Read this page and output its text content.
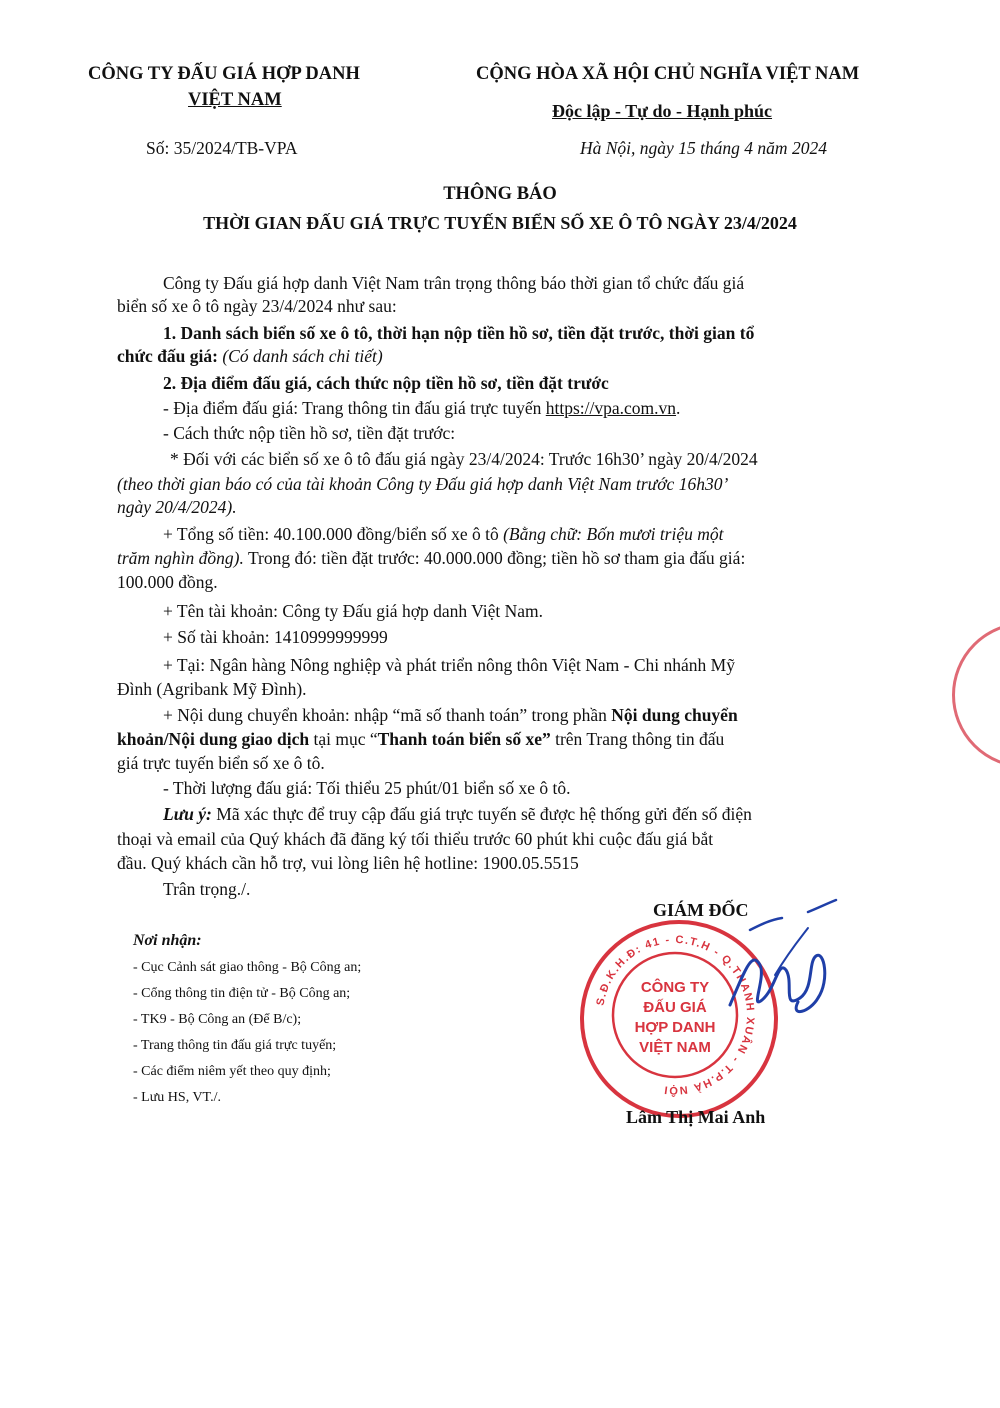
CÔNG TY ĐẤU GIÁ HỢP DANH
VIỆT NAM
CỘNG HÒA XÃ HỘI CHỦ NGHĨA VIỆT NAM
Độc lập - Tự do - Hạnh phúc
Số: 35/2024/TB-VPA	Hà Nội, ngày 15 tháng 4 năm 2024
THÔNG BÁO
THỜI GIAN ĐẤU GIÁ TRỰC TUYẾN BIỂN SỐ XE Ô TÔ NGÀY 23/4/2024
Công ty Đấu giá hợp danh Việt Nam trân trọng thông báo thời gian tổ chức đấu giá
biển số xe ô tô ngày 23/4/2024 như sau:
1. Danh sách biển số xe ô tô, thời hạn nộp tiền hồ sơ, tiền đặt trước, thời gian tổ
chức đấu giá: (Có danh sách chi tiết)
2. Địa điểm đấu giá, cách thức nộp tiền hồ sơ, tiền đặt trước
- Địa điểm đấu giá: Trang thông tin đấu giá trực tuyến https://vpa.com.vn.
- Cách thức nộp tiền hồ sơ, tiền đặt trước:
* Đối với các biển số xe ô tô đấu giá ngày 23/4/2024: Trước 16h30’ ngày 20/4/2024
(theo thời gian báo có của tài khoản Công ty Đấu giá hợp danh Việt Nam trước 16h30’
ngày 20/4/2024).
+ Tổng số tiền: 40.100.000 đồng/biển số xe ô tô (Bằng chữ: Bốn mươi triệu một
trăm nghìn đồng). Trong đó: tiền đặt trước: 40.000.000 đồng; tiền hồ sơ tham gia đấu giá:
100.000 đồng.
+ Tên tài khoản: Công ty Đấu giá hợp danh Việt Nam.
+ Số tài khoản: 1410999999999
+ Tại: Ngân hàng Nông nghiệp và phát triển nông thôn Việt Nam - Chi nhánh Mỹ
Đình (Agribank Mỹ Đình).
+ Nội dung chuyển khoản: nhập “mã số thanh toán” trong phần Nội dung chuyển
khoản/Nội dung giao dịch tại mục “Thanh toán biển số xe” trên Trang thông tin đấu
giá trực tuyến biển số xe ô tô.
- Thời lượng đấu giá: Tối thiểu 25 phút/01 biển số xe ô tô.
Lưu ý: Mã xác thực để truy cập đấu giá trực tuyến sẽ được hệ thống gửi đến số điện
thoại và email của Quý khách đã đăng ký tối thiểu trước 60 phút khi cuộc đấu giá bắt
đầu. Quý khách cần hỗ trợ, vui lòng liên hệ hotline: 1900.05.5515
Trân trọng./.
Nơi nhận:
- Cục Cảnh sát giao thông - Bộ Công an;
- Cổng thông tin điện tử - Bộ Công an;
- TK9 - Bộ Công an (Để B/c);
- Trang thông tin đấu giá trực tuyến;
- Các điểm niêm yết theo quy định;
- Lưu HS, VT./.
S.Đ.K.H.Đ: 41 - C.T.H - Q.THANH XUÂN - T.P.HÀ NỘI
CÔNG TY
ĐẤU GIÁ
HỢP DANH
VIỆT NAM
GIÁM ĐỐC
Lâm Thị Mai Anh
